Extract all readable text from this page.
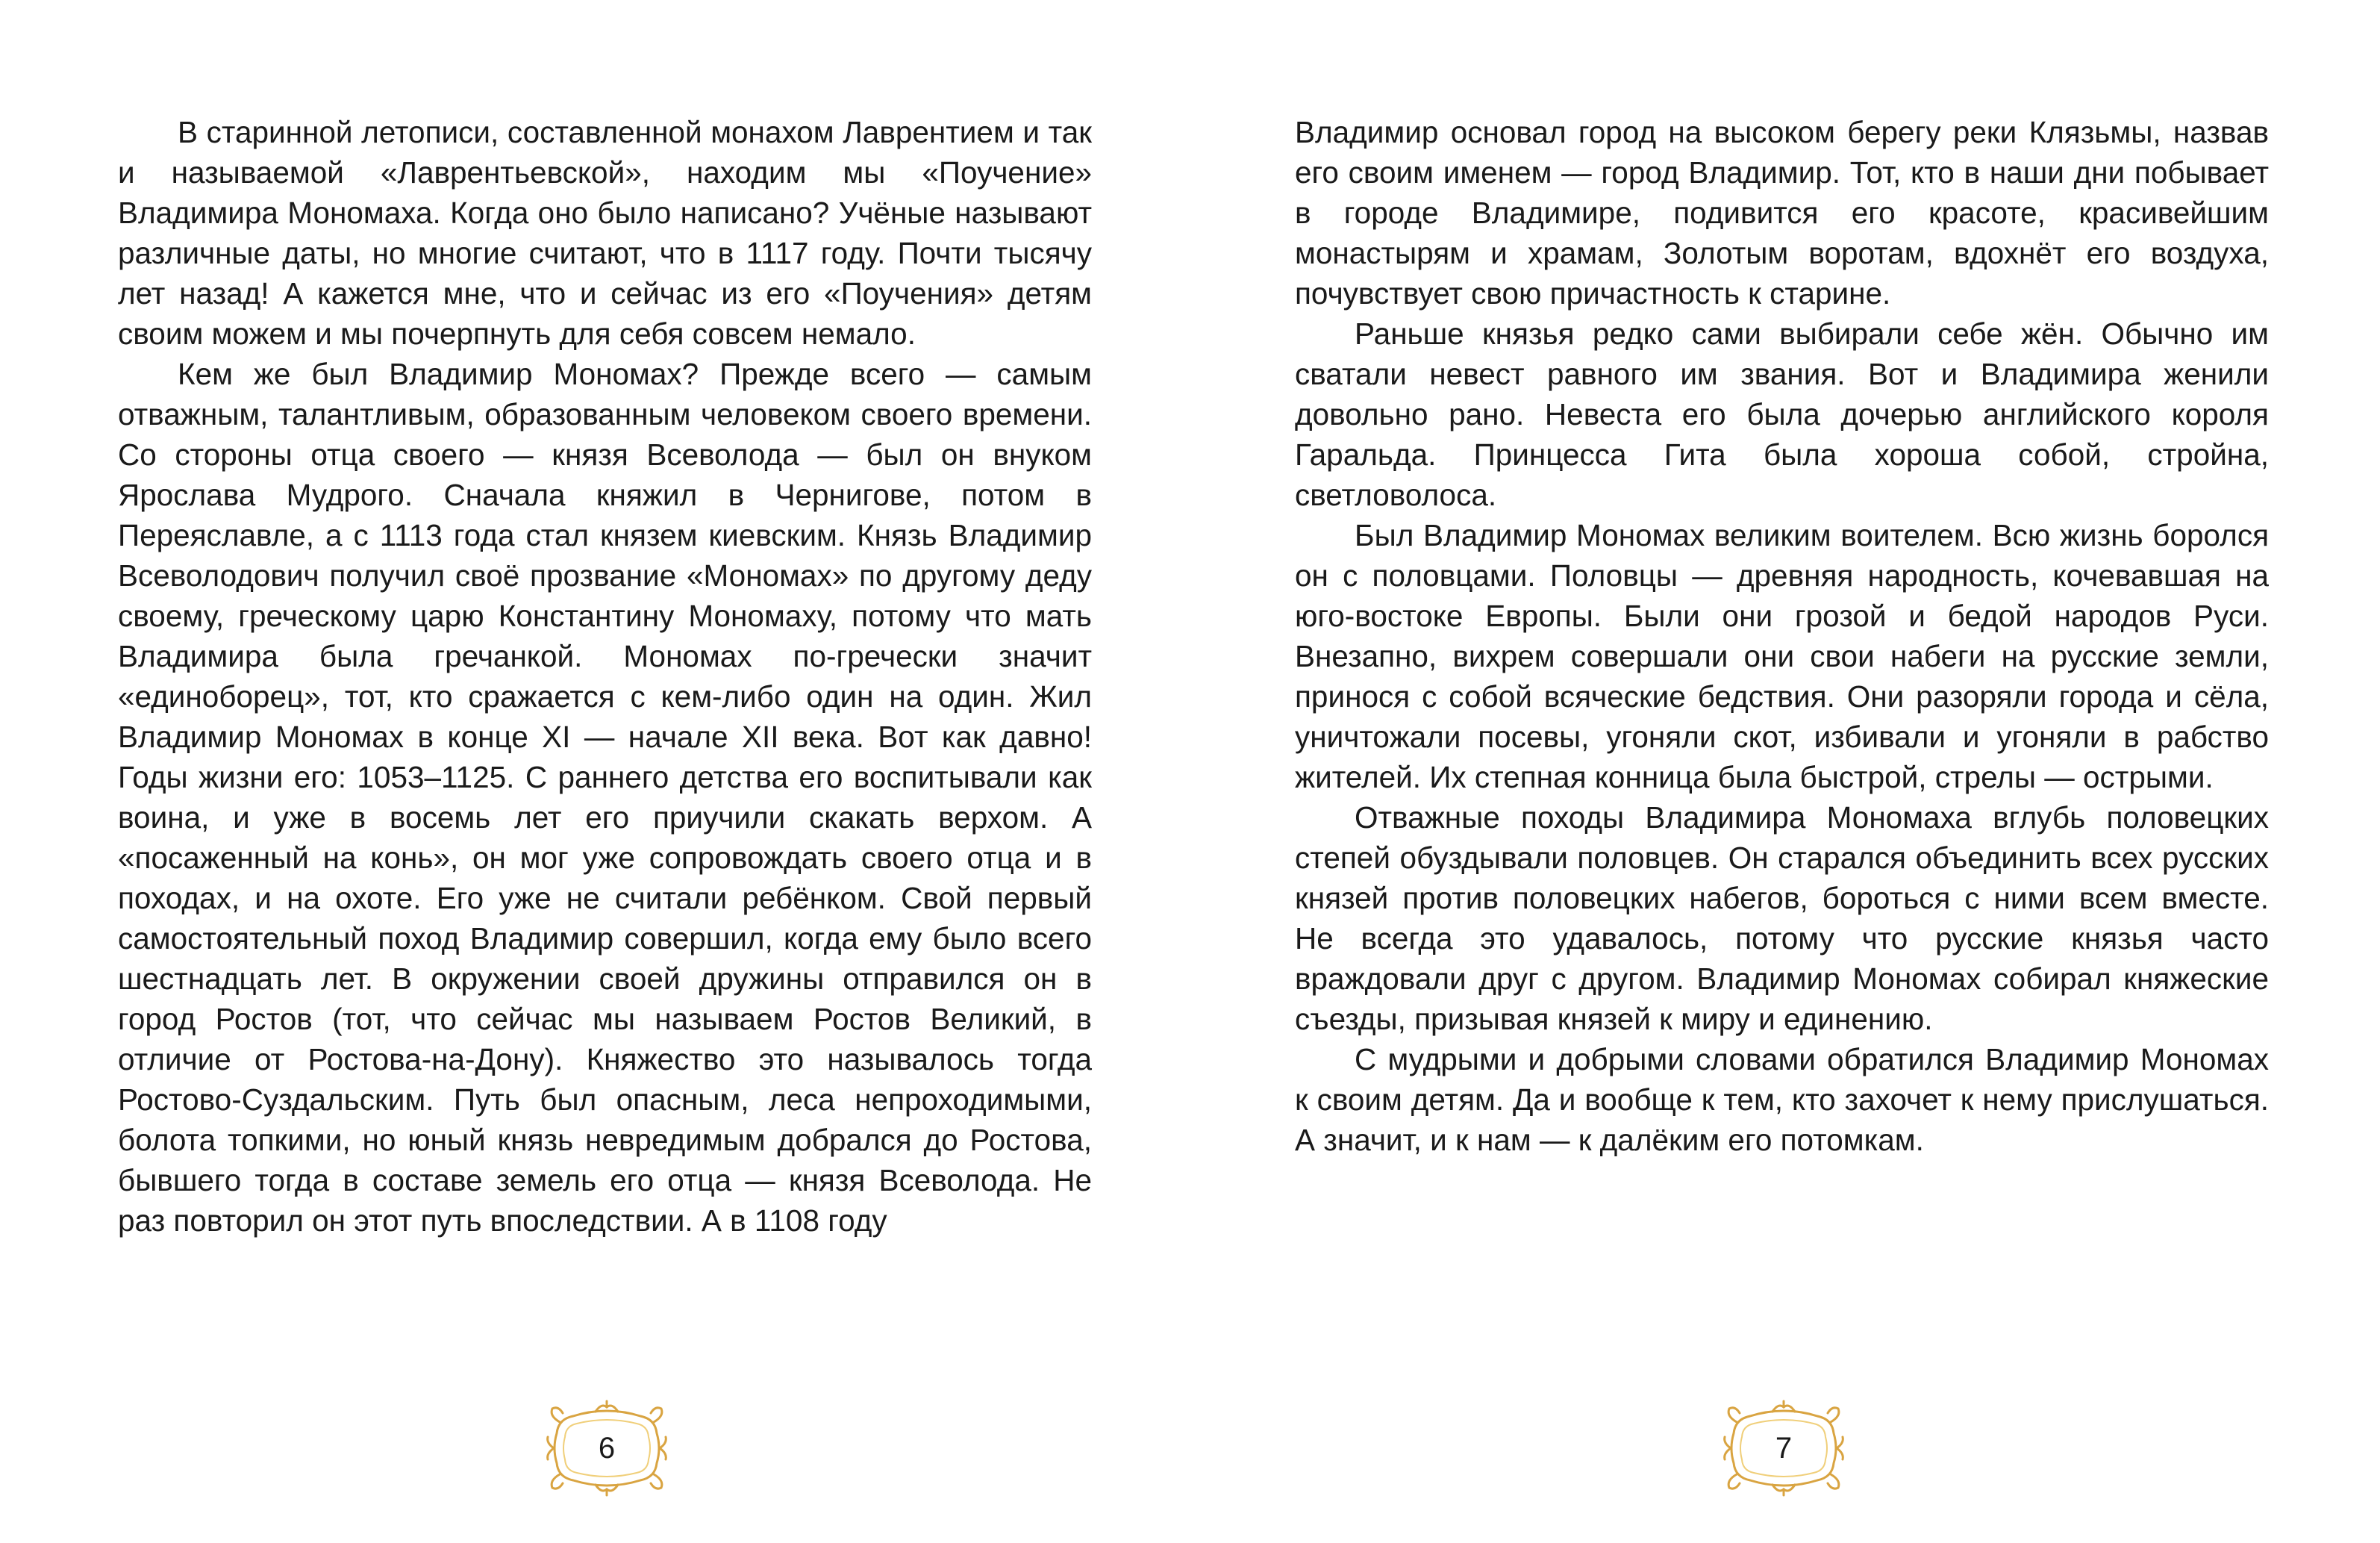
В старинной летописи, составленной монахом Лаврентием и так и называемой «Лаврентьевской», находим мы «Поучение» Владимира Мономаха. Когда оно было написано? Учёные называют различные даты, но многие считают, что в 1117 году. Почти тысячу лет назад! А кажется мне, что и сейчас из его «Поучения» детям своим можем и мы почерпнуть для себя совсем немало.

Кем же был Владимир Мономах? Прежде всего — самым отважным, талантливым, образованным человеком своего времени. Со стороны отца своего — князя Всеволода — был он внуком Ярослава Мудрого. Сначала княжил в Чернигове, потом в Переяславле, а с 1113 года стал князем киевским. Князь Владимир Всеволодович получил своё прозвание «Мономах» по другому деду своему, греческому царю Константину Мономаху, потому что мать Владимира была гречанкой. Мономах по-гречески значит «единоборец», тот, кто сражается с кем-либо один на один. Жил Владимир Мономах в конце XI — начале XII века. Вот как давно! Годы жизни его: 1053–1125. С раннего детства его воспитывали как воина, и уже в восемь лет его приучили скакать верхом. А «посаженный на конь», он мог уже сопровождать своего отца и в походах, и на охоте. Его уже не считали ребёнком. Свой первый самостоятельный поход Владимир совершил, когда ему было всего шестнадцать лет. В окружении своей дружины отправился он в город Ростов (тот, что сейчас мы называем Ростов Великий, в отличие от Ростова-на-Дону). Княжество это называлось тогда Ростово-Суздальским. Путь был опасным, леса непроходимыми, болота топкими, но юный князь невредимым добрался до Ростова, бывшего тогда в составе земель его отца — князя Всеволода. Не раз повторил он этот путь впоследствии. А в 1108 году

Владимир основал город на высоком берегу реки Клязьмы, назвав его своим именем — город Владимир. Тот, кто в наши дни побывает в городе Владимире, подивится его красоте, красивейшим монастырям и храмам, Золотым воротам, вдохнёт его воздуха, почувствует свою причастность к старине.

Раньше князья редко сами выбирали себе жён. Обычно им сватали невест равного им звания. Вот и Владимира женили довольно рано. Невеста его была дочерью английского короля Гаральда. Принцесса Гита была хороша собой, стройна, светловолоса.

Был Владимир Мономах великим воителем. Всю жизнь боролся он с половцами. Половцы — древняя народность, кочевавшая на юго-востоке Европы. Были они грозой и бедой народов Руси. Внезапно, вихрем совершали они свои набеги на русские земли, принося с собой всяческие бедствия. Они разоряли города и сёла, уничтожали посевы, угоняли скот, избивали и угоняли в рабство жителей. Их степная конница была быстрой, стрелы — острыми.

Отважные походы Владимира Мономаха вглубь половецких степей обуздывали половцев. Он старался объединить всех русских князей против половецких набегов, бороться с ними всем вместе. Не всегда это удавалось, потому что русские князья часто враждовали друг с другом. Владимир Мономах собирал княжеские съезды, призывая князей к миру и единению.

С мудрыми и добрыми словами обратился Владимир Мономах к своим детям. Да и вообще к тем, кто захочет к нему прислушаться. А значит, и к нам — к далёким его потомкам.

6	7
